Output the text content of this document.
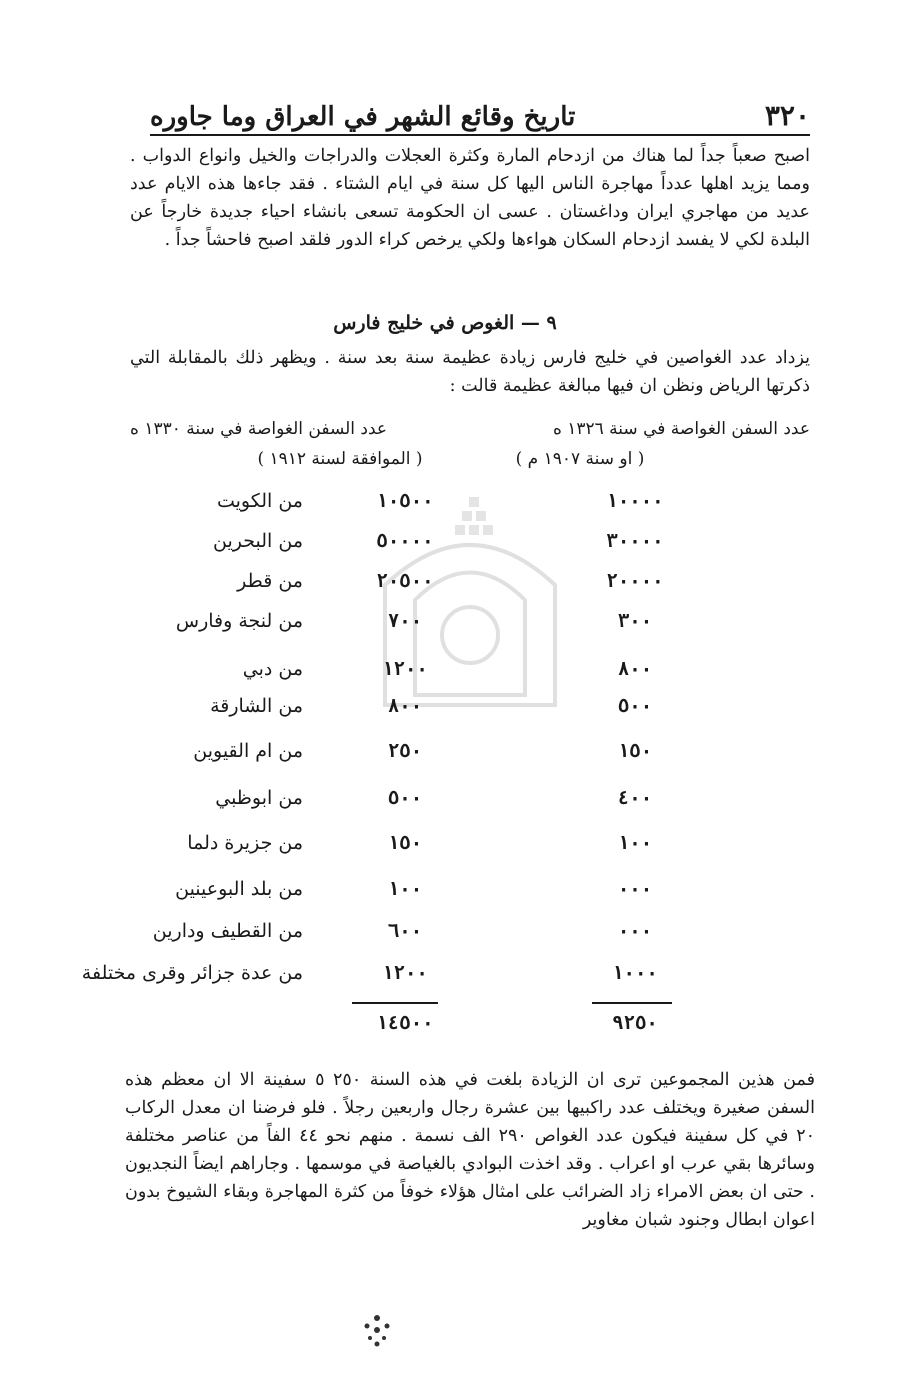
٣٢٠
تاريخ وقائع الشهر في العراق وما جاوره
اصبح صعباً جداً لما هناك من ازدحام المارة وكثرة العجلات والدراجات والخيل وانواع الدواب . ومما يزيد اهلها عدداً مهاجرة الناس اليها كل سنة في ايام الشتاء . فقد جاءها هذه الايام عدد عديد من مهاجري ايران وداغستان . عسى ان الحكومة تسعى بانشاء احياء جديدة خارجاً عن البلدة لكي لا يفسد ازدحام السكان هواءها ولكي يرخص كراء الدور فلقد اصبح فاحشاً جداً .
٩ — الغوص في خليج فارس
يزداد عدد الغواصين في خليج فارس زيادة عظيمة سنة بعد سنة . ويظهر ذلك بالمقابلة التي ذكرتها الرياض ونظن ان فيها مبالغة عظيمة قالت :
عدد السفن الغواصة في سنة ١٣٢٦ ه
( او سنة ١٩٠٧ م )
عدد السفن الغواصة في سنة ١٣٣٠ ه
( الموافقة لسنة ١٩١٢ )
من الكويت	١٠٥٠٠	١٠٠٠٠
من البحرين	٥٠٠٠٠	٣٠٠٠٠
من قطر	٢٠٥٠٠	٢٠٠٠٠
من لنجة وفارس	٧٠٠	٣٠٠
من دبي	١٢٠٠	٨٠٠
من الشارقة	٨٠٠	٥٠٠
من ام القيوين	٢٥٠	١٥٠
من ابوظبي	٥٠٠	٤٠٠
من جزيرة دلما	١٥٠	١٠٠
من بلد البوعينين	١٠٠	٠٠٠
من القطيف ودارين	٦٠٠	٠٠٠
من عدة جزائر وقرى مختلفة	١٢٠٠	١٠٠٠
١٤٥٠٠	٩٢٥٠
فمن هذين المجموعين ترى ان الزيادة بلغت في هذه السنة ٢٥٠ ٥ سفينة الا ان معظم هذه السفن صغيرة ويختلف عدد راكبيها بين عشرة رجال واربعين رجلاً . فلو فرضنا ان معدل الركاب ٢٠ في كل سفينة فيكون عدد الغواص ٢٩٠ الف نسمة . منهم نحو ٤٤ الفاً من عناصر مختلفة وسائرها بقي عرب او اعراب . وقد اخذت البوادي بالغياصة في موسمها . وجاراهم ايضاً النجديون . حتى ان بعض الامراء زاد الضرائب على امثال هؤلاء خوفاً من كثرة المهاجرة وبقاء الشيوخ بدون اعوان ابطال وجنود شبان مغاوير
